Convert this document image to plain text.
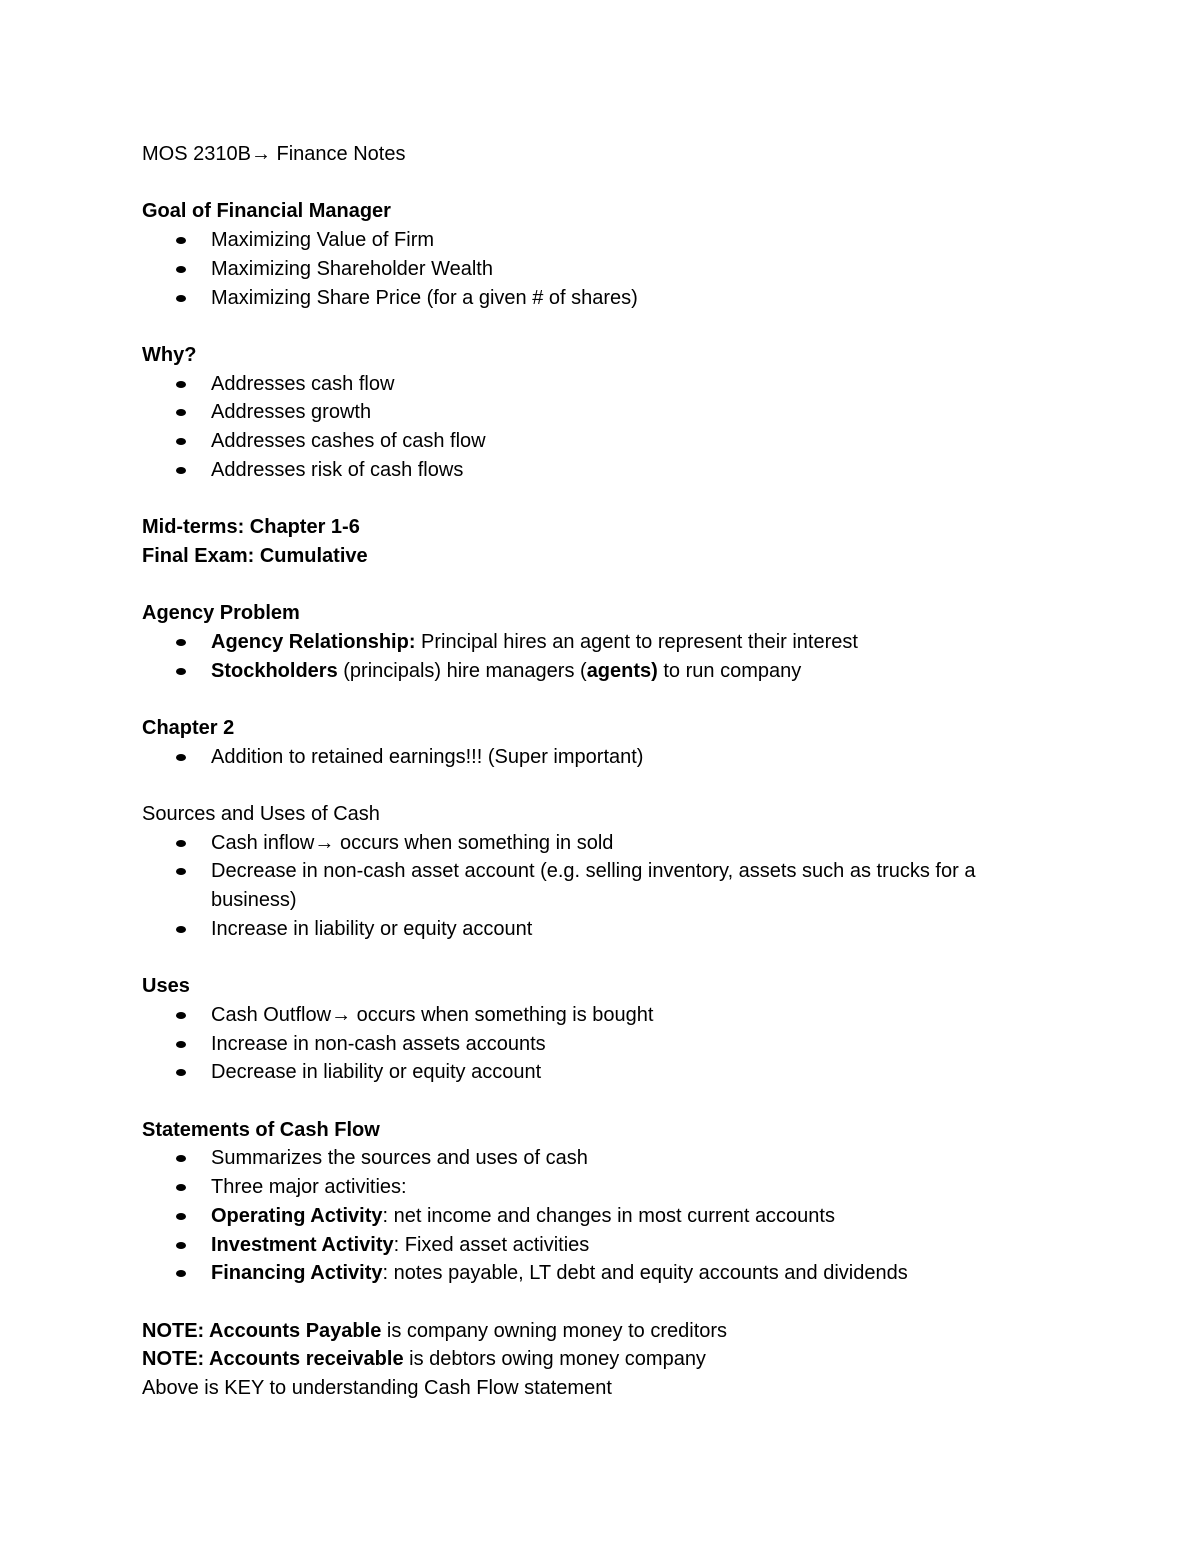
MOS 2310B→ Finance Notes
Goal of Financial Manager
Maximizing Value of Firm
Maximizing Shareholder Wealth
Maximizing Share Price (for a given # of shares)
Why?
Addresses cash flow
Addresses growth
Addresses cashes of cash flow
Addresses risk of cash flows
Mid-terms: Chapter 1-6
Final Exam: Cumulative
Agency Problem
Agency Relationship: Principal hires an agent to represent their interest
Stockholders (principals) hire managers (agents) to run company
Chapter 2
Addition to retained earnings!!! (Super important)
Sources and Uses of Cash
Cash inflow→ occurs when something in sold
Decrease in non-cash asset account (e.g. selling inventory, assets such as trucks for a business)
Increase in liability or equity account
Uses
Cash Outflow→ occurs when something is bought
Increase in non-cash assets accounts
Decrease in liability or equity account
Statements of Cash Flow
Summarizes the sources and uses of cash
Three major activities:
Operating Activity: net income and changes in most current accounts
Investment Activity: Fixed asset activities
Financing Activity: notes payable, LT debt and equity accounts and dividends
NOTE: Accounts Payable is company owning money to creditors
NOTE: Accounts receivable is debtors owing money company
Above is KEY to understanding Cash Flow statement
